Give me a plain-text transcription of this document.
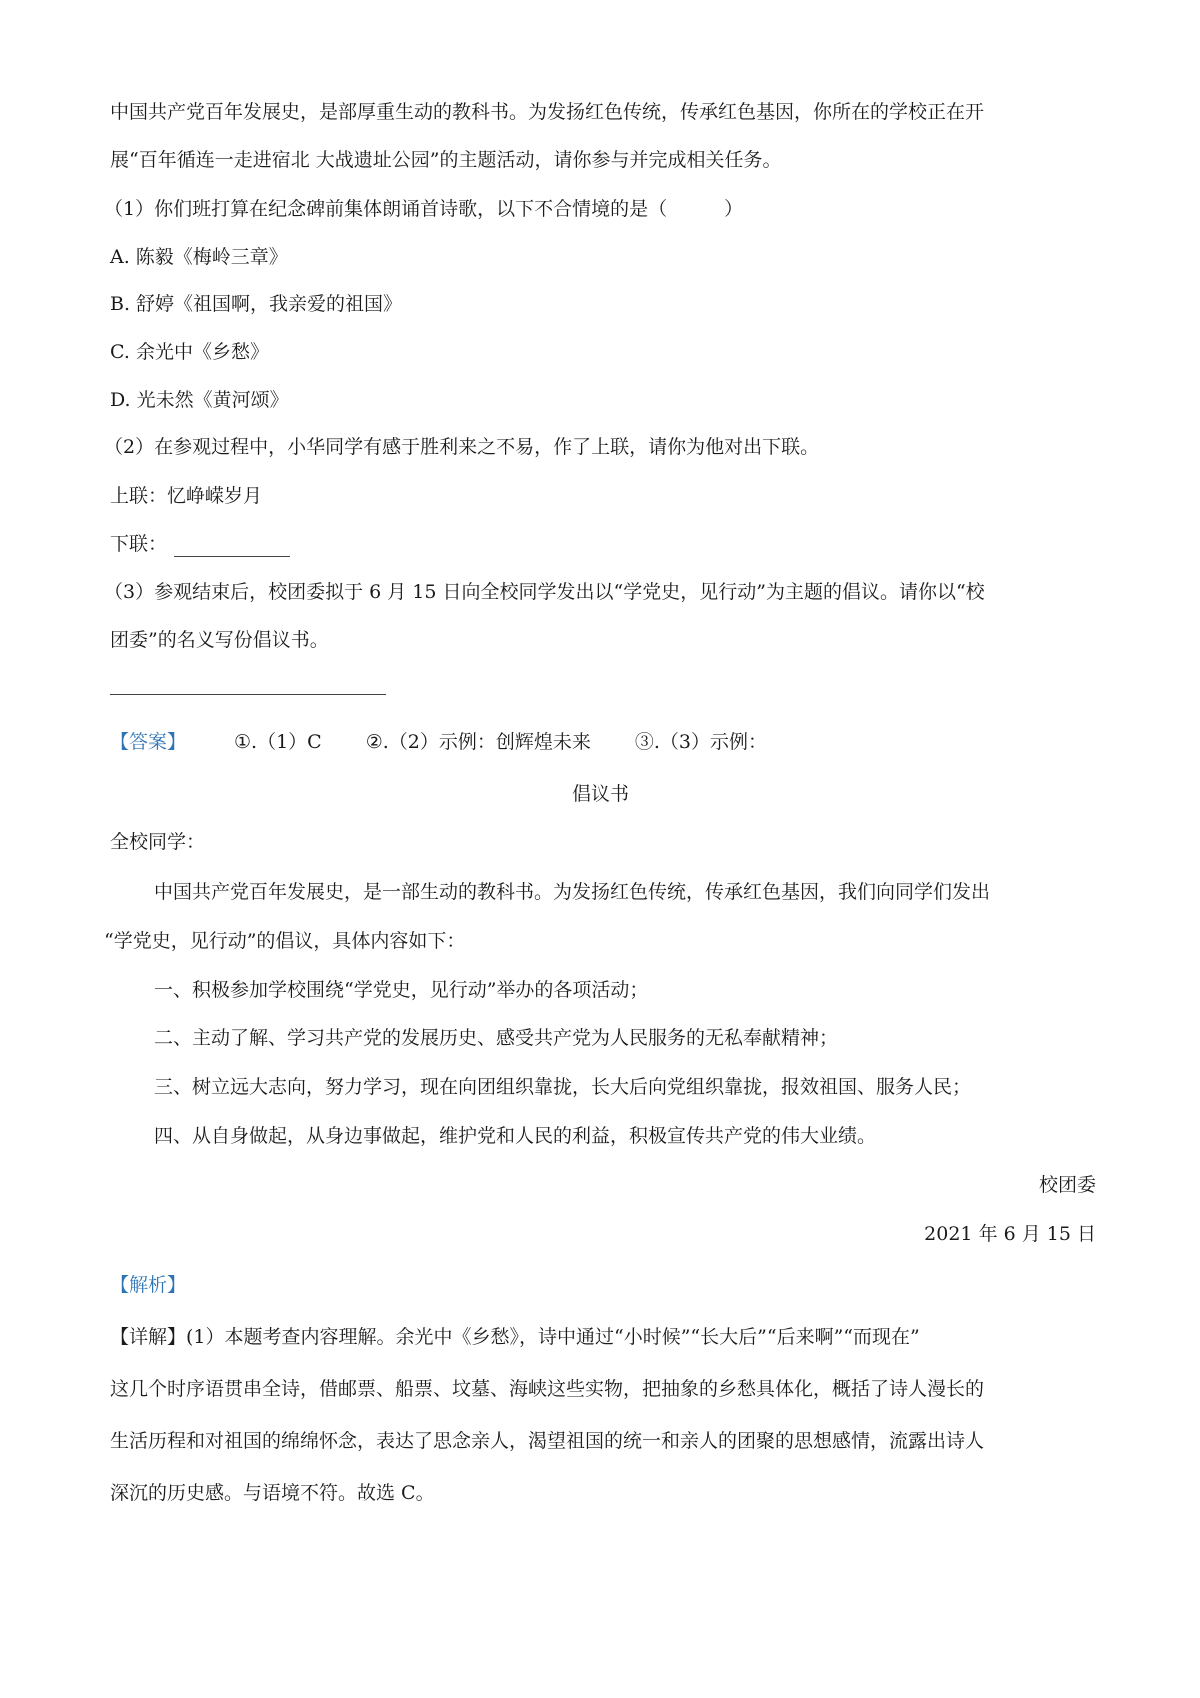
中国共产党百年发展史，是部厚重生动的教科书。为发扬红色传统，传承红色基因，你所在的学校正在开
展“百年循连一走进宿北 大战遗址公园”的主题活动，请你参与并完成相关任务。
（1）你们班打算在纪念碑前集体朗诵首诗歌，以下不合情境的是（　　　）
A. 陈毅《梅岭三章》
B. 舒婷《祖国啊，我亲爱的祖国》
C. 余光中《乡愁》
D. 光未然《黄河颂》
（2）在参观过程中，小华同学有感于胜利来之不易，作了上联，请你为他对出下联。
上联：忆峥嵘岁月
下联：
（3）参观结束后，校团委拟于 6 月 15 日向全校同学发出以“学党史，见行动”为主题的倡议。请你以“校
团委”的名义写份倡议书。
【答案】	①.（1）C ②.（2）示例：创辉煌未来 ③.（3）示例：
倡议书
全校同学：
中国共产党百年发展史，是一部生动的教科书。为发扬红色传统，传承红色基因，我们向同学们发出
“学党史，见行动”的倡议，具体内容如下：
一、积极参加学校围绕“学党史，见行动”举办的各项活动；
二、主动了解、学习共产党的发展历史、感受共产党为人民服务的无私奉献精神；
三、树立远大志向，努力学习，现在向团组织靠拢，长大后向党组织靠拢，报效祖国、服务人民；
四、从自身做起，从身边事做起，维护党和人民的利益，积极宣传共产党的伟大业绩。
校团委
2021 年 6 月 15 日
【解析】
【详解】(1）本题考查内容理解。余光中《乡愁》，诗中通过“小时候”“长大后”“后来啊”“而现在”
这几个时序语贯串全诗，借邮票、船票、坟墓、海峡这些实物，把抽象的乡愁具体化，概括了诗人漫长的
生活历程和对祖国的绵绵怀念，表达了思念亲人，渴望祖国的统一和亲人的团聚的思想感情，流露出诗人
深沉的历史感。与语境不符。故选 C。
